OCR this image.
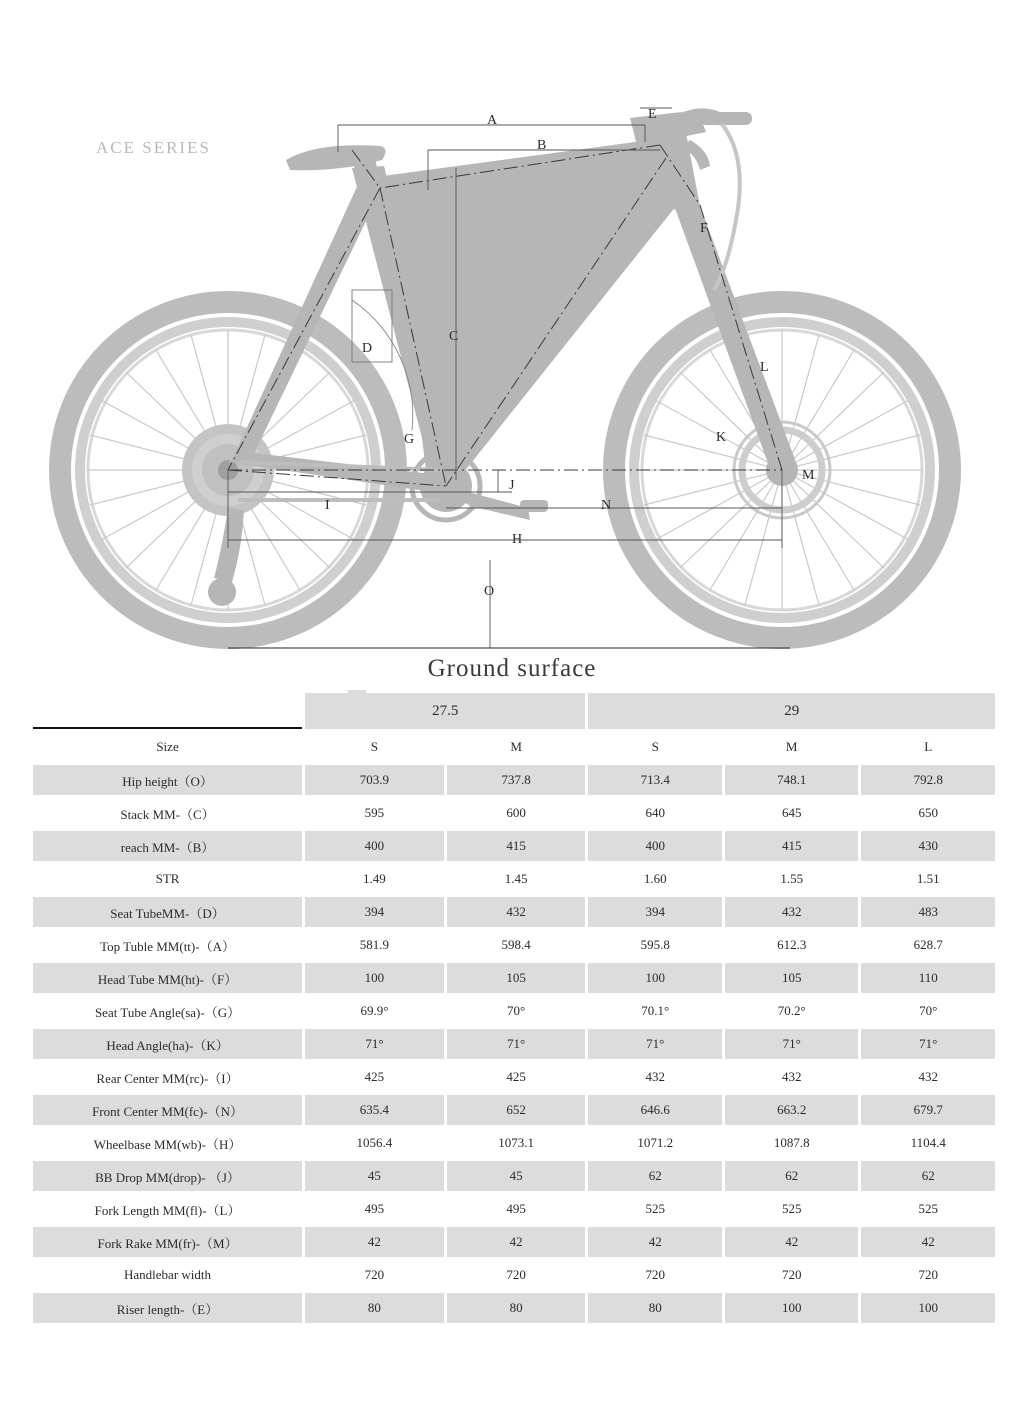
A
B
C
D
E
F
G
H
I
J
K
L
M
N
O
ACE SERIES
Ground surface
	27.5		29		
Size	S	M	S	M	L
Hip height（O）	703.9	737.8	713.4	748.1	792.8
Stack MM-（C）	595	600	640	645	650
reach MM-（B）	400	415	400	415	430
STR	1.49	1.45	1.60	1.55	1.51
Seat TubeMM-（D）	394	432	394	432	483
Top Tuble MM(tt)-（A）	581.9	598.4	595.8	612.3	628.7
Head Tube MM(ht)-（F）	100	105	100	105	110
Seat Tube Angle(sa)-（G）	69.9°	70°	70.1°	70.2°	70°
Head Angle(ha)-（K）	71°	71°	71°	71°	71°
Rear Center MM(rc)-（I）	425	425	432	432	432
Front Center MM(fc)-（N）	635.4	652	646.6	663.2	679.7
Wheelbase MM(wb)-（H）	1056.4	1073.1	1071.2	1087.8	1104.4
BB Drop MM(drop)- （J）	45	45	62	62	62
Fork Length MM(fl)-（L）	495	495	525	525	525
Fork Rake MM(fr)-（M）	42	42	42	42	42
Handlebar width	720	720	720	720	720
Riser length-（E）	80	80	80	100	100
